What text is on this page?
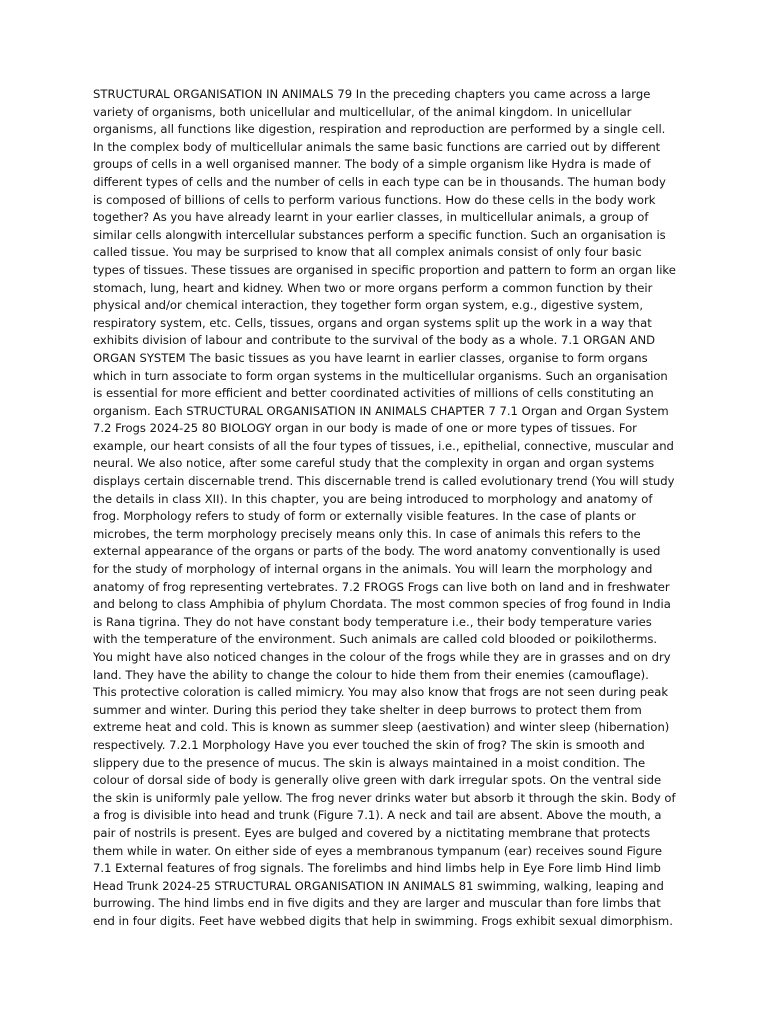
STRUCTURAL ORGANISATION IN ANIMALS 79 In the preceding chapters you came across a large variety of organisms, both unicellular and multicellular, of the animal kingdom. In unicellular organisms, all functions like digestion, respiration and reproduction are performed by a single cell. In the complex body of multicellular animals the same basic functions are carried out by different groups of cells in a well organised manner. The body of a simple organism like Hydra is made of different types of cells and the number of cells in each type can be in thousands. The human body is composed of billions of cells to perform various functions. How do these cells in the body work together? As you have already learnt in your earlier classes, in multicellular animals, a group of similar cells alongwith intercellular substances perform a specific function. Such an organisation is called tissue. You may be surprised to know that all complex animals consist of only four basic types of tissues. These tissues are organised in specific proportion and pattern to form an organ like stomach, lung, heart and kidney. When two or more organs perform a common function by their physical and/or chemical interaction, they together form organ system, e.g., digestive system, respiratory system, etc. Cells, tissues, organs and organ systems split up the work in a way that exhibits division of labour and contribute to the survival of the body as a whole. 7.1 ORGAN AND ORGAN SYSTEM The basic tissues as you have learnt in earlier classes, organise to form organs which in turn associate to form organ systems in the multicellular organisms. Such an organisation is essential for more efficient and better coordinated activities of millions of cells constituting an organism. Each STRUCTURAL ORGANISATION IN ANIMALS CHAPTER 7 7.1 Organ and Organ System 7.2 Frogs 2024-25 80 BIOLOGY organ in our body is made of one or more types of tissues. For example, our heart consists of all the four types of tissues, i.e., epithelial, connective, muscular and neural. We also notice, after some careful study that the complexity in organ and organ systems displays certain discernable trend. This discernable trend is called evolutionary trend (You will study the details in class XII). In this chapter, you are being introduced to morphology and anatomy of frog. Morphology refers to study of form or externally visible features. In the case of plants or microbes, the term morphology precisely means only this. In case of animals this refers to the external appearance of the organs or parts of the body. The word anatomy conventionally is used for the study of morphology of internal organs in the animals. You will learn the morphology and anatomy of frog representing vertebrates. 7.2 FROGS Frogs can live both on land and in freshwater and belong to class Amphibia of phylum Chordata. The most common species of frog found in India is Rana tigrina. They do not have constant body temperature i.e., their body temperature varies with the temperature of the environment. Such animals are called cold blooded or poikilotherms. You might have also noticed changes in the colour of the frogs while they are in grasses and on dry land. They have the ability to change the colour to hide them from their enemies (camouflage). This protective coloration is called mimicry. You may also know that frogs are not seen during peak summer and winter. During this period they take shelter in deep burrows to protect them from extreme heat and cold. This is known as summer sleep (aestivation) and winter sleep (hibernation) respectively. 7.2.1 Morphology Have you ever touched the skin of frog? The skin is smooth and slippery due to the presence of mucus. The skin is always maintained in a moist condition. The colour of dorsal side of body is generally olive green with dark irregular spots. On the ventral side the skin is uniformly pale yellow. The frog never drinks water but absorb it through the skin. Body of a frog is divisible into head and trunk (Figure 7.1). A neck and tail are absent. Above the mouth, a pair of nostrils is present. Eyes are bulged and covered by a nictitating membrane that protects them while in water. On either side of eyes a membranous tympanum (ear) receives sound Figure 7.1 External features of frog signals. The forelimbs and hind limbs help in Eye Fore limb Hind limb Head Trunk 2024-25 STRUCTURAL ORGANISATION IN ANIMALS 81 swimming, walking, leaping and burrowing. The hind limbs end in five digits and they are larger and muscular than fore limbs that end in four digits. Feet have webbed digits that help in swimming. Frogs exhibit sexual dimorphism.
